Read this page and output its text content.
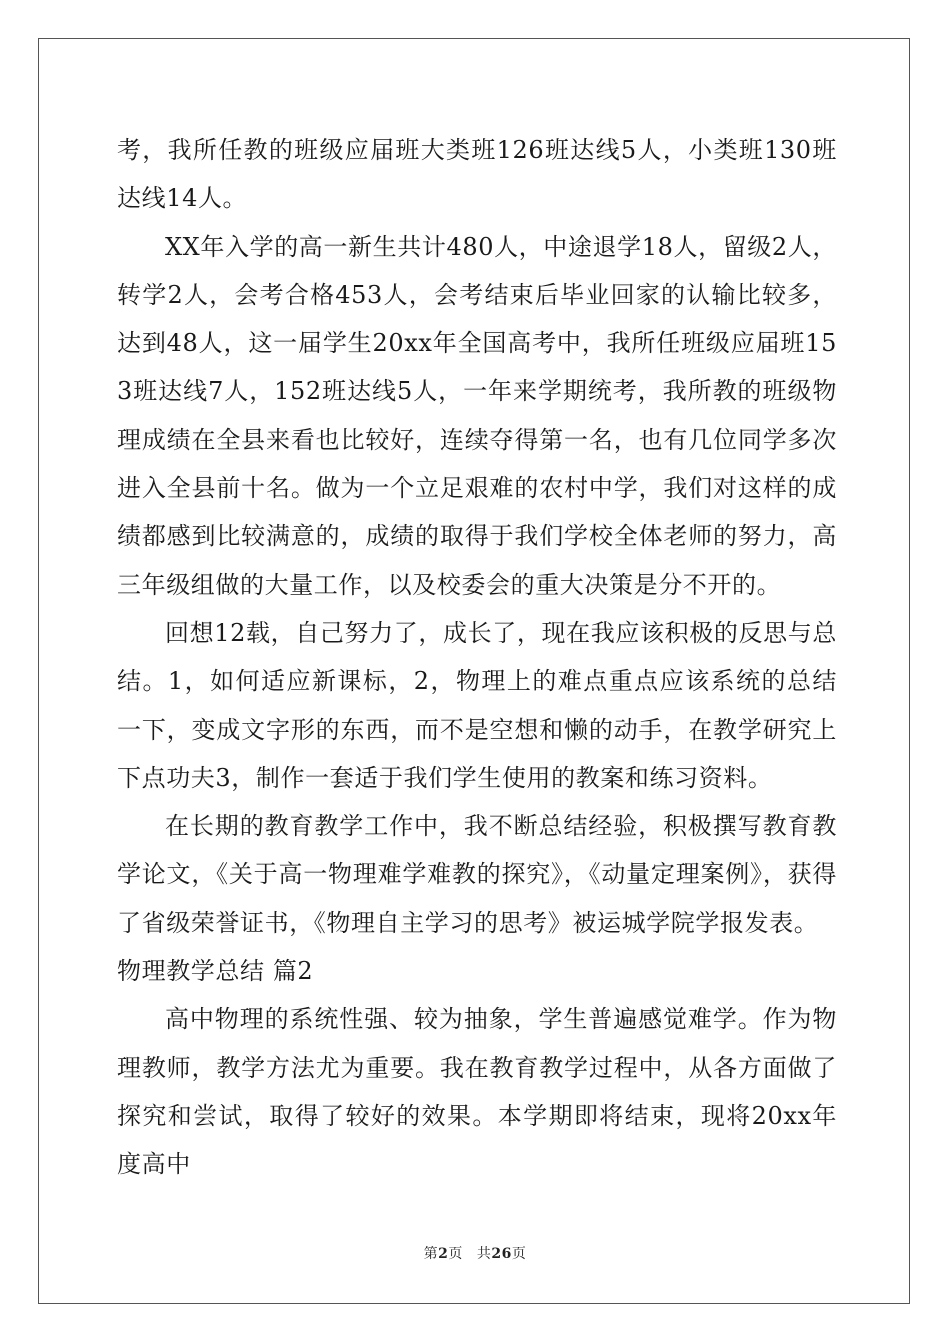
考，我所任教的班级应届班大类班126班达线5人，小类班130班达线14人。

XX年入学的高一新生共计480人，中途退学18人，留级2人，转学2人，会考合格453人，会考结束后毕业回家的认输比较多，达到48人，这一届学生20xx年全国高考中，我所任班级应届班153班达线7人，152班达线5人，一年来学期统考，我所教的班级物理成绩在全县来看也比较好，连续夺得第一名，也有几位同学多次进入全县前十名。做为一个立足艰难的农村中学，我们对这样的成绩都感到比较满意的，成绩的取得于我们学校全体老师的努力，高三年级组做的大量工作，以及校委会的重大决策是分不开的。

回想12载，自己努力了，成长了，现在我应该积极的反思与总结。1，如何适应新课标，2，物理上的难点重点应该系统的总结一下，变成文字形的东西，而不是空想和懒的动手，在教学研究上下点功夫3，制作一套适于我们学生使用的教案和练习资料。

在长期的教育教学工作中，我不断总结经验，积极撰写教育教学论文，《关于高一物理难学难教的探究》，《动量定理案例》，获得了省级荣誉证书，《物理自主学习的思考》被运城学院学报发表。

物理教学总结 篇2

高中物理的系统性强、较为抽象，学生普遍感觉难学。作为物理教师，教学方法尤为重要。我在教育教学过程中，从各方面做了探究和尝试，取得了较好的效果。本学期即将结束，现将20xx年度高中

第2页 共26页
